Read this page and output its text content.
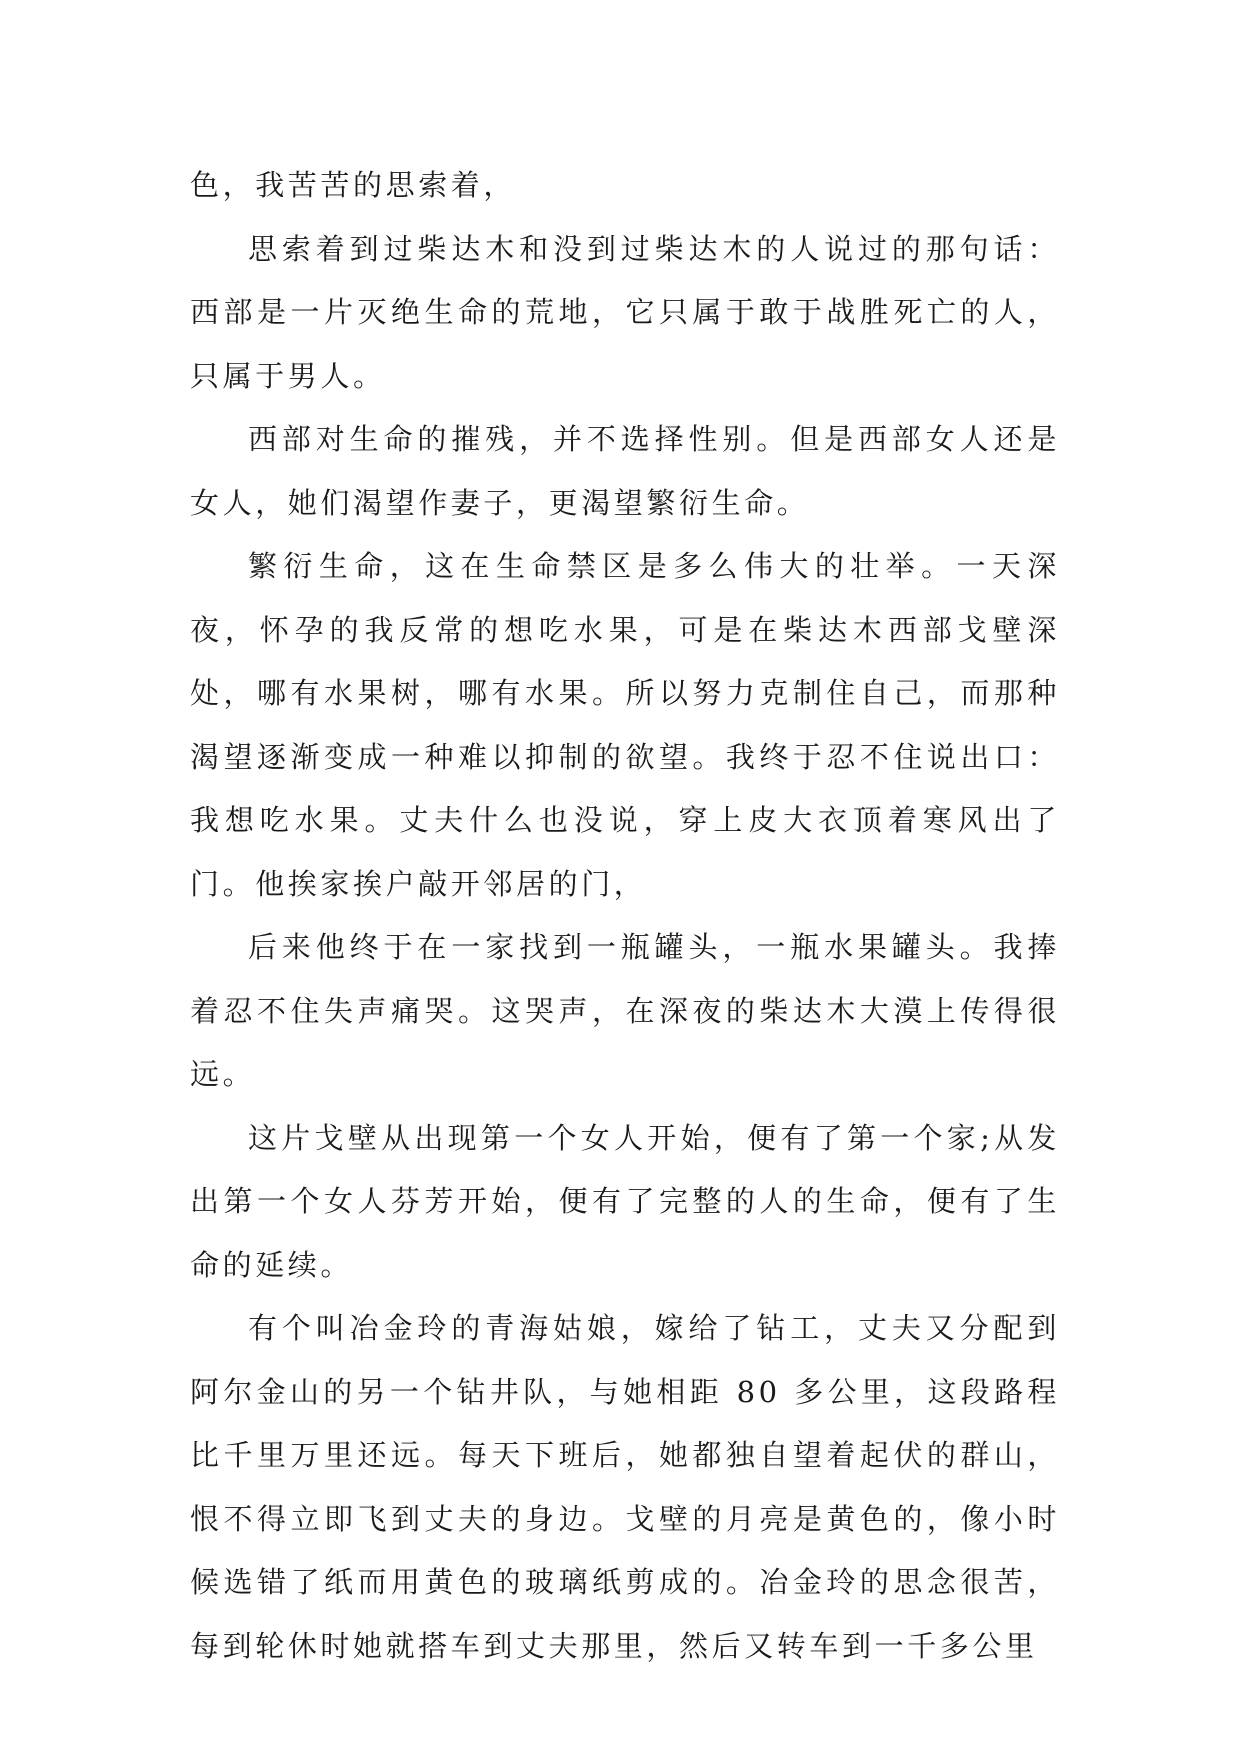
色，我苦苦的思索着，

思索着到过柴达木和没到过柴达木的人说过的那句话：西部是一片灭绝生命的荒地，它只属于敢于战胜死亡的人，只属于男人。

西部对生命的摧残，并不选择性别。但是西部女人还是女人，她们渴望作妻子，更渴望繁衍生命。

繁衍生命，这在生命禁区是多么伟大的壮举。一天深夜，怀孕的我反常的想吃水果，可是在柴达木西部戈壁深处，哪有水果树，哪有水果。所以努力克制住自己，而那种渴望逐渐变成一种难以抑制的欲望。我终于忍不住说出口：我想吃水果。丈夫什么也没说，穿上皮大衣顶着寒风出了门。他挨家挨户敲开邻居的门，

后来他终于在一家找到一瓶罐头，一瓶水果罐头。我捧着忍不住失声痛哭。这哭声，在深夜的柴达木大漠上传得很远。

这片戈壁从出现第一个女人开始，便有了第一个家;从发出第一个女人芬芳开始，便有了完整的人的生命，便有了生命的延续。

有个叫冶金玲的青海姑娘，嫁给了钻工，丈夫又分配到阿尔金山的另一个钻井队，与她相距 80 多公里，这段路程比千里万里还远。每天下班后，她都独自望着起伏的群山，恨不得立即飞到丈夫的身边。戈壁的月亮是黄色的，像小时候选错了纸而用黄色的玻璃纸剪成的。冶金玲的思念很苦，每到轮休时她就搭车到丈夫那里，然后又转车到一千多公里
